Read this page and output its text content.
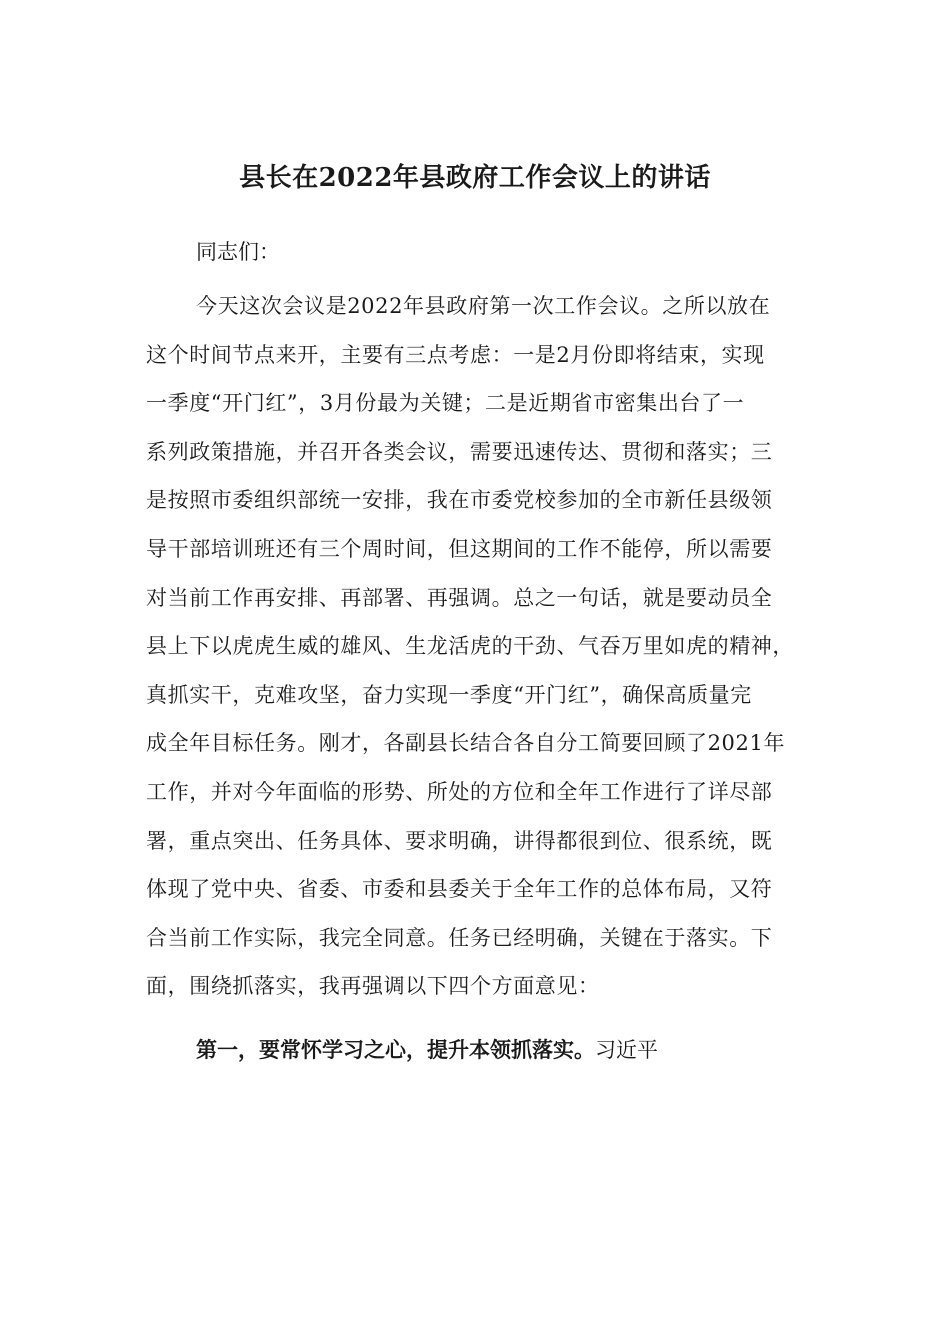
县长在2022年县政府工作会议上的讲话

同志们：

今天这次会议是2022年县政府第一次工作会议。之所以放在
这个时间节点来开，主要有三点考虑：一是2月份即将结束，实现
一季度“开门红”，3月份最为关键；二是近期省市密集出台了一
系列政策措施，并召开各类会议，需要迅速传达、贯彻和落实；三
是按照市委组织部统一安排，我在市委党校参加的全市新任县级领
导干部培训班还有三个周时间，但这期间的工作不能停，所以需要
对当前工作再安排、再部署、再强调。总之一句话，就是要动员全
县上下以虎虎生威的雄风、生龙活虎的干劲、气吞万里如虎的精神，
真抓实干，克难攻坚，奋力实现一季度“开门红”，确保高质量完
成全年目标任务。刚才，各副县长结合各自分工简要回顾了2021年
工作，并对今年面临的形势、所处的方位和全年工作进行了详尽部
署，重点突出、任务具体、要求明确，讲得都很到位、很系统，既
体现了党中央、省委、市委和县委关于全年工作的总体布局，又符
合当前工作实际，我完全同意。任务已经明确，关键在于落实。下
面，围绕抓落实，我再强调以下四个方面意见：

第一，要常怀学习之心，提升本领抓落实。习近平
